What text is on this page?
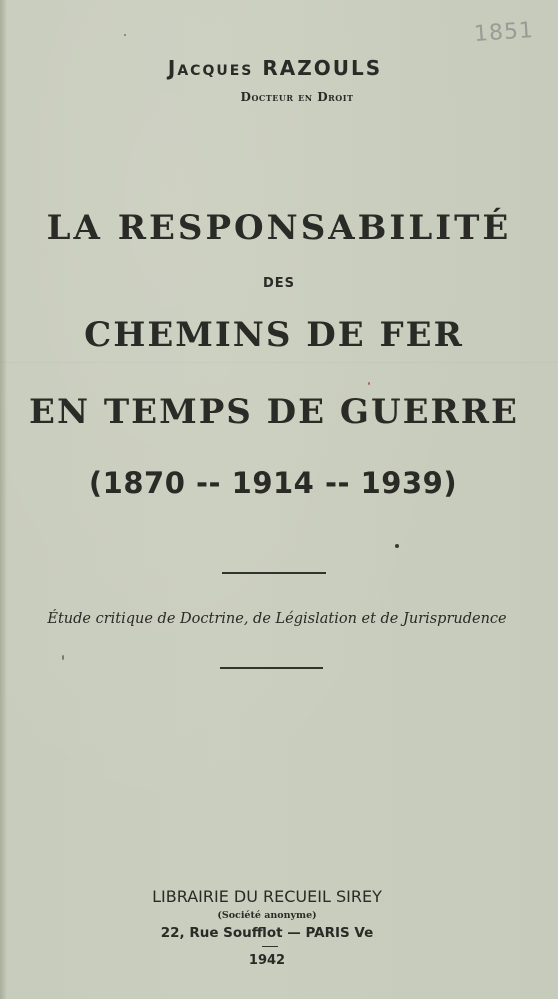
1851
Jacques RAZOULS
Docteur en Droit
LA RESPONSABILITÉ
DES
CHEMINS DE FER
EN TEMPS DE GUERRE
(1870 -- 1914 -- 1939)
Étude critique de Doctrine, de Législation et de Jurisprudence
LIBRAIRIE DU RECUEIL SIREY
(Société anonyme)
22, Rue Soufflot — PARIS Ve
1942
